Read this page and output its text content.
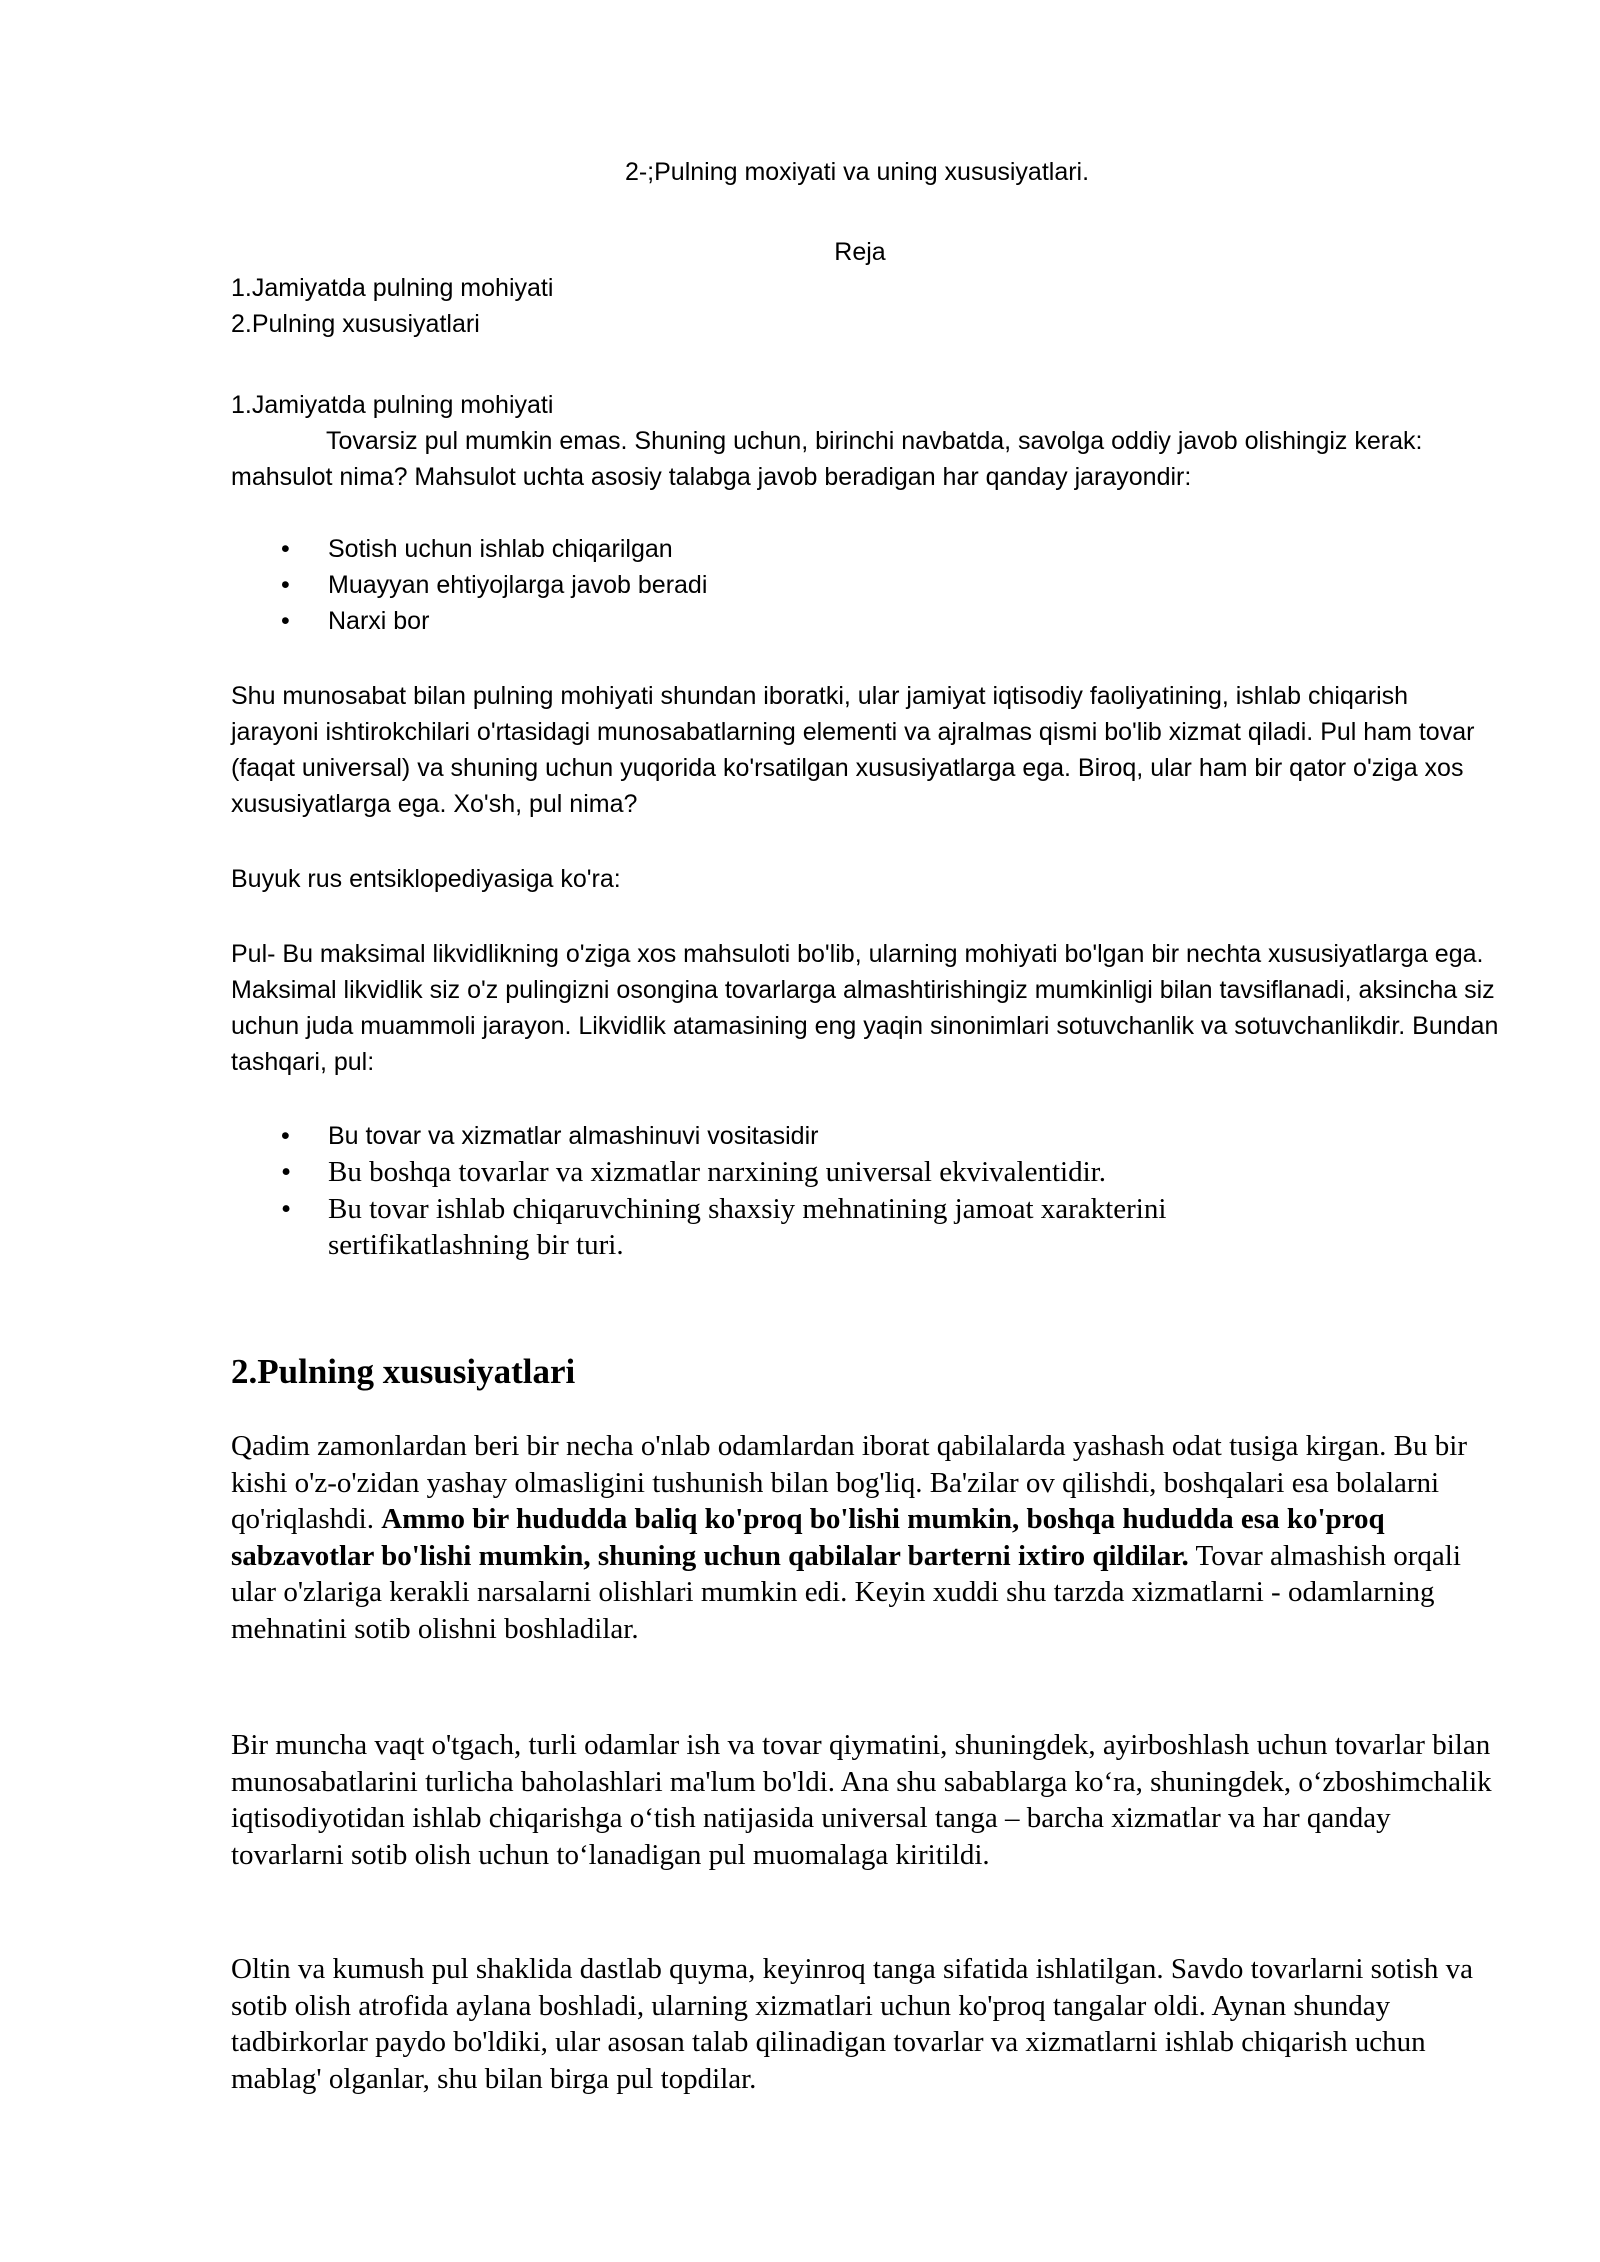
2-;Pulning moxiyati va uning xususiyatlari.

Reja

1.Jamiyatda pulning mohiyati
2.Pulning xususiyatlari
1.Jamiyatda pulning mohiyati

Tovarsiz pul mumkin emas. Shuning uchun, birinchi navbatda, savolga oddiy javob olishingiz kerak: mahsulot nima? Mahsulot uchta asosiy talabga javob beradigan har qanday jarayondir:

• Sotish uchun ishlab chiqarilgan
• Muayyan ehtiyojlarga javob beradi
• Narxi bor

Shu munosabat bilan pulning mohiyati shundan iboratki, ular jamiyat iqtisodiy faoliyatining, ishlab chiqarish jarayoni ishtirokchilari o'rtasidagi munosabatlarning elementi va ajralmas qismi bo'lib xizmat qiladi. Pul ham tovar (faqat universal) va shuning uchun yuqorida ko'rsatilgan xususiyatlarga ega. Biroq, ular ham bir qator o'ziga xos xususiyatlarga ega. Xo'sh, pul nima?

Buyuk rus entsiklopediyasiga ko'ra:

Pul- Bu maksimal likvidlikning o'ziga xos mahsuloti bo'lib, ularning mohiyati bo'lgan bir nechta xususiyatlarga ega. Maksimal likvidlik siz o'z pulingizni osongina tovarlarga almashtirishingiz mumkinligi bilan tavsiflanadi, aksincha siz uchun juda muammoli jarayon. Likvidlik atamasining eng yaqin sinonimlari sotuvchanlik va sotuvchanlikdir. Bundan tashqari, pul:

• Bu tovar va xizmatlar almashinuvi vositasidir
• Bu boshqa tovarlar va xizmatlar narxining universal ekvivalentidir.
• Bu tovar ishlab chiqaruvchining shaxsiy mehnatining jamoat xarakterini sertifikatlashning bir turi.
2.Pulning xususiyatlari

Qadim zamonlardan beri bir necha o'nlab odamlardan iborat qabilalarda yashash odat tusiga kirgan. Bu bir kishi o'z-o'zidan yashay olmasligini tushunish bilan bog'liq. Ba'zilar ov qilishdi, boshqalari esa bolalarni qo'riqlashdi. Ammo bir hududda baliq ko'proq bo'lishi mumkin, boshqa hududda esa ko'proq sabzavotlar bo'lishi mumkin, shuning uchun qabilalar barterni ixtiro qildilar. Tovar almashish orqali ular o'zlariga kerakli narsalarni olishlari mumkin edi. Keyin xuddi shu tarzda xizmatlarni - odamlarning mehnatini sotib olishni boshladilar.

Bir muncha vaqt o'tgach, turli odamlar ish va tovar qiymatini, shuningdek, ayirboshlash uchun tovarlar bilan munosabatlarini turlicha baholashlari ma'lum bo'ldi. Ana shu sabablarga ko‘ra, shuningdek, o‘zboshimchalik iqtisodiyotidan ishlab chiqarishga o‘tish natijasida universal tanga – barcha xizmatlar va har qanday tovarlarni sotib olish uchun to‘lanadigan pul muomalaga kiritildi.

Oltin va kumush pul shaklida dastlab quyma, keyinroq tanga sifatida ishlatilgan. Savdo tovarlarni sotish va sotib olish atrofida aylana boshladi, ularning xizmatlari uchun ko'proq tangalar oldi. Aynan shunday tadbirkorlar paydo bo'ldiki, ular asosan talab qilinadigan tovarlar va xizmatlarni ishlab chiqarish uchun mablag' olganlar, shu bilan birga pul topdilar.
